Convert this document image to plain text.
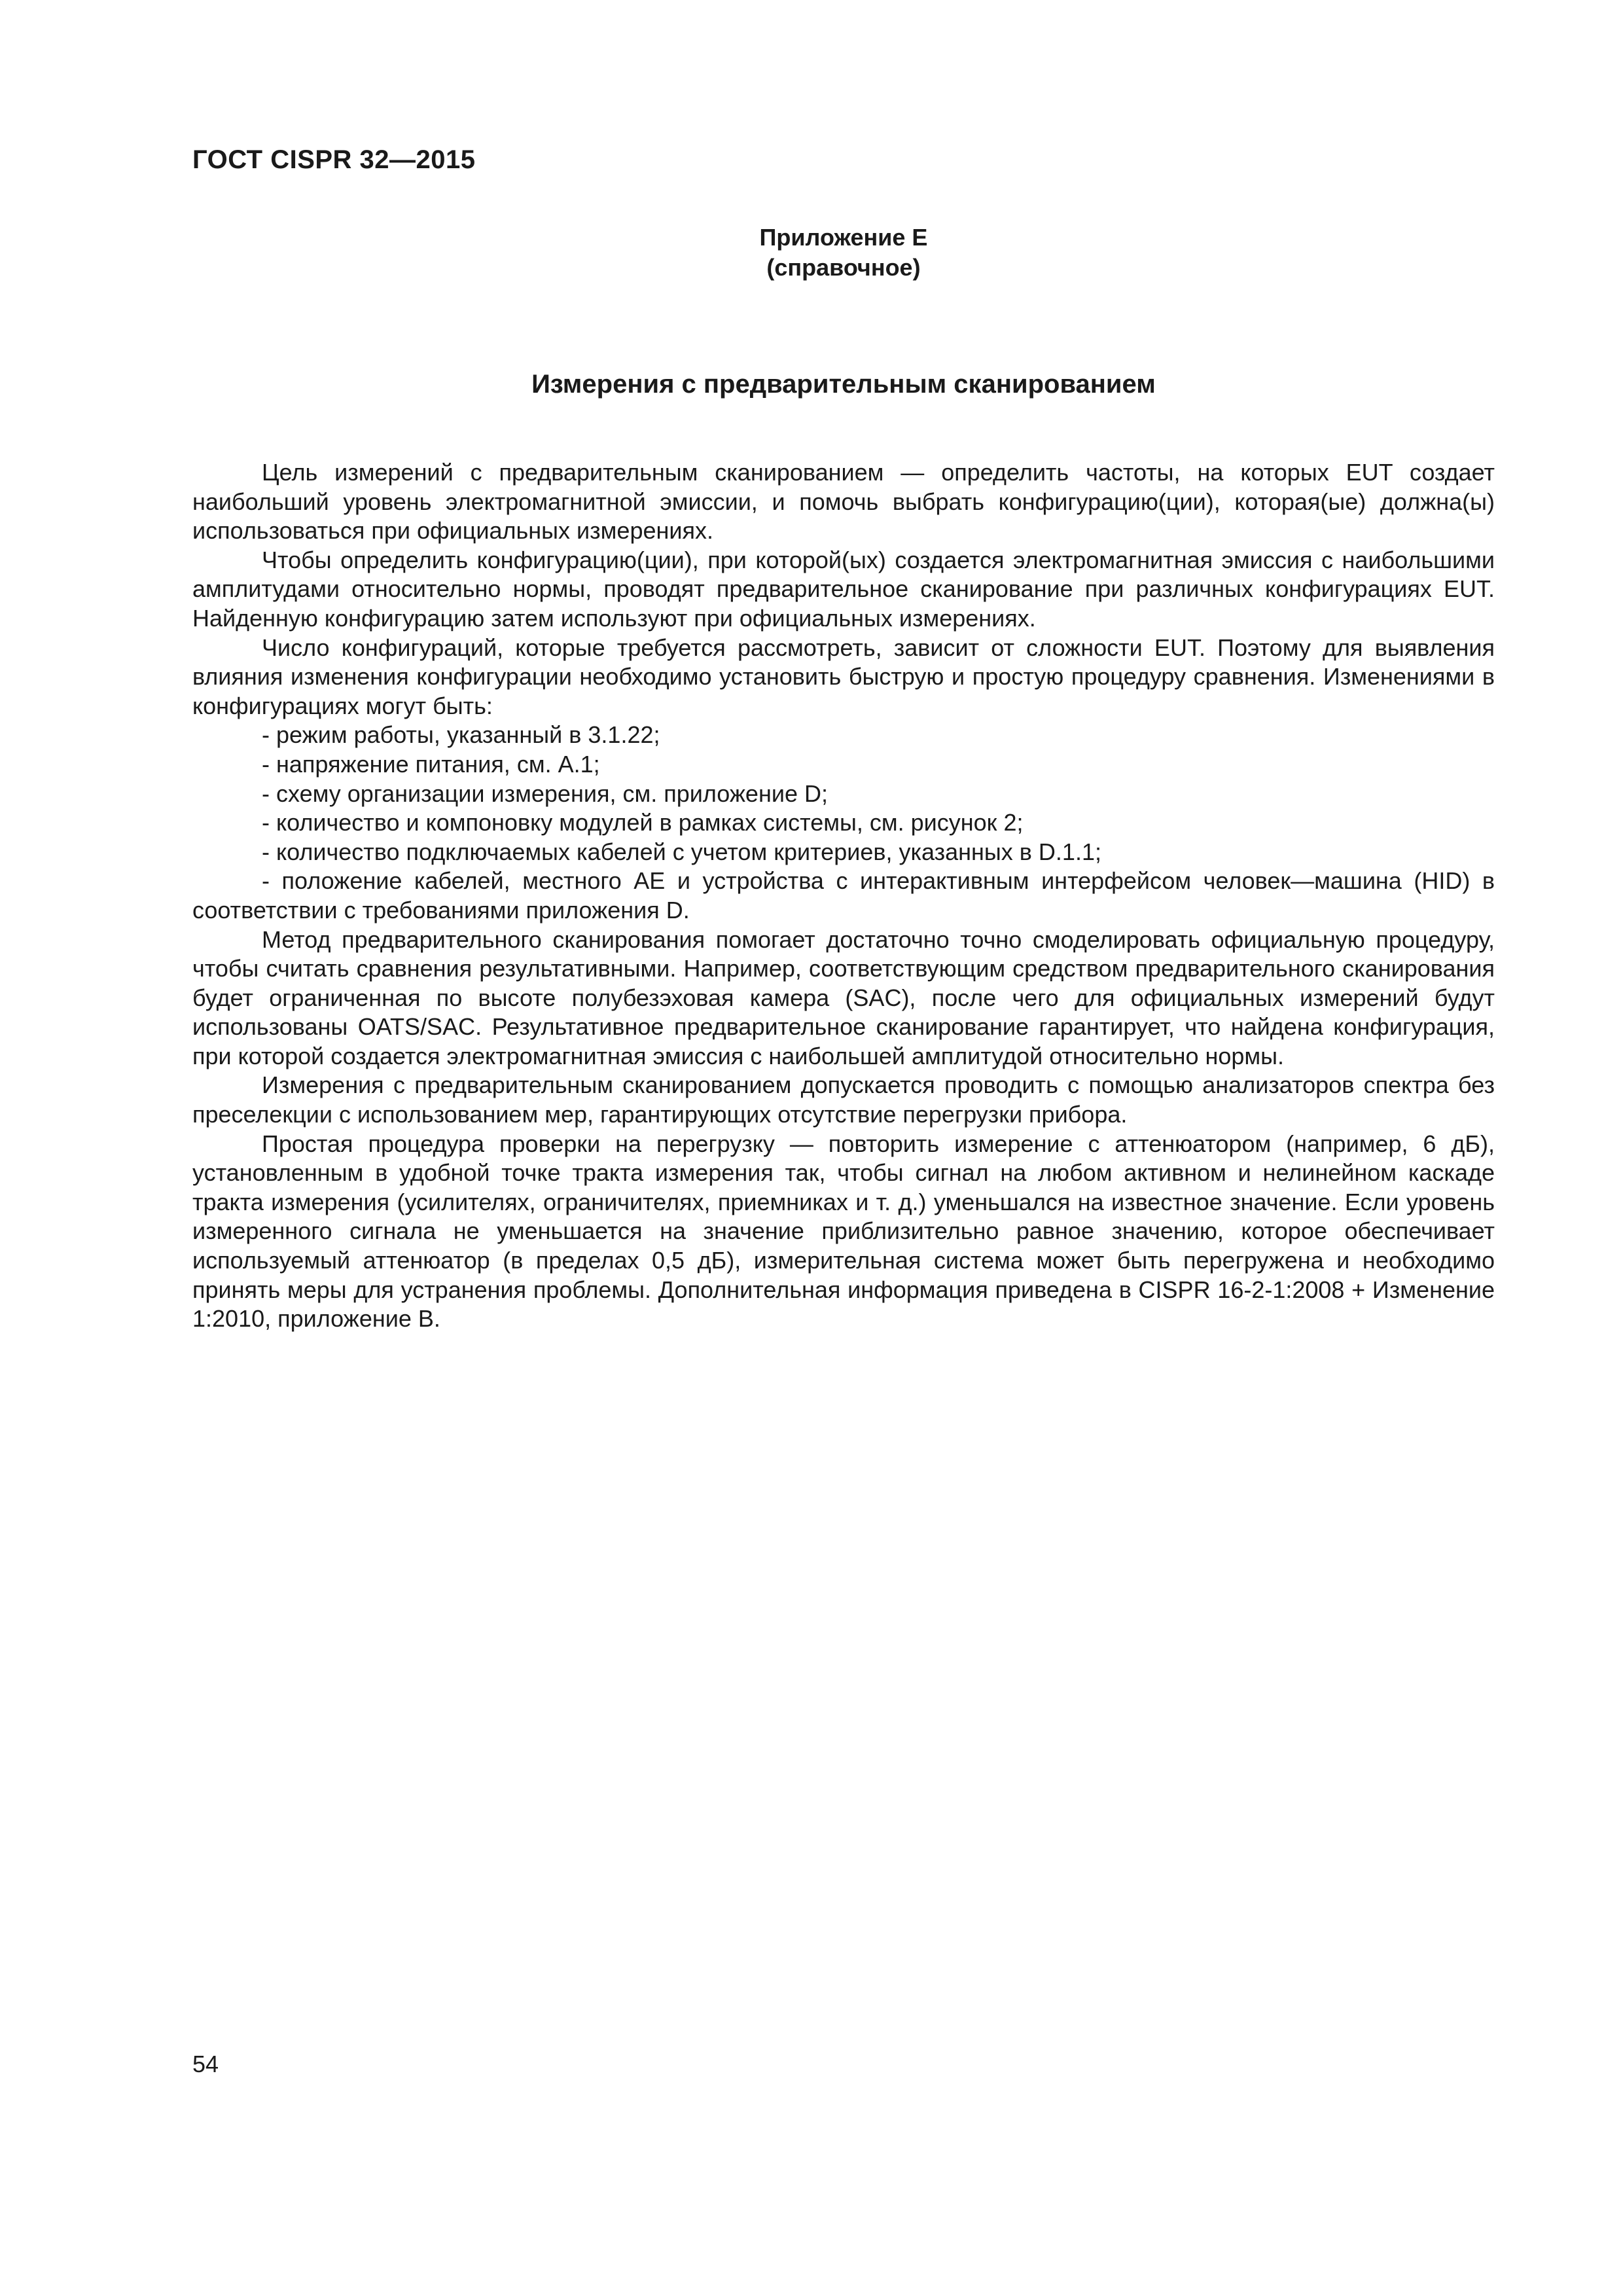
ГОСТ CISPR 32—2015
Приложение Е
(справочное)
Измерения с предварительным сканированием

Цель измерений с предварительным сканированием — определить частоты, на которых EUT создает наибольший уровень электромагнитной эмиссии, и помочь выбрать конфигурацию(ции), которая(ые) должна(ы) использоваться при официальных измерениях.

Чтобы определить конфигурацию(ции), при которой(ых) создается электромагнитная эмиссия с наибольшими амплитудами относительно нормы, проводят предварительное сканирование при различных конфигурациях EUT. Найденную конфигурацию затем используют при официальных измерениях.

Число конфигураций, которые требуется рассмотреть, зависит от сложности EUT. Поэтому для выявления влияния изменения конфигурации необходимо установить быструю и простую процедуру сравнения. Изменениями в конфигурациях могут быть:

- режим работы, указанный в 3.1.22;

- напряжение питания, см. А.1;

- схему организации измерения, см. приложение D;

- количество и компоновку модулей в рамках системы, см. рисунок 2;

- количество подключаемых кабелей с учетом критериев, указанных в D.1.1;

- положение кабелей, местного АЕ и устройства с интерактивным интерфейсом человек—машина (HID) в соответствии с требованиями приложения D.

Метод предварительного сканирования помогает достаточно точно смоделировать официальную процедуру, чтобы считать сравнения результативными. Например, соответствующим средством предварительного сканирования будет ограниченная по высоте полубезэховая камера (SAC), после чего для официальных измерений будут использованы OATS/SAC. Результативное предварительное сканирование гарантирует, что найдена конфигурация, при которой создается электромагнитная эмиссия с наибольшей амплитудой относительно нормы.

Измерения с предварительным сканированием допускается проводить с помощью анализаторов спектра без преселекции с использованием мер, гарантирующих отсутствие перегрузки прибора.

Простая процедура проверки на перегрузку — повторить измерение с аттенюатором (например, 6 дБ), установленным в удобной точке тракта измерения так, чтобы сигнал на любом активном и нелинейном каскаде тракта измерения (усилителях, ограничителях, приемниках и т. д.) уменьшался на известное значение. Если уровень измеренного сигнала не уменьшается на значение приблизительно равное значению, которое обеспечивает используемый аттенюатор (в пределах 0,5 дБ), измерительная система может быть перегружена и необходимо принять меры для устранения проблемы. Дополнительная информация приведена в CISPR 16-2-1:2008 + Изменение 1:2010, приложение В.

54
